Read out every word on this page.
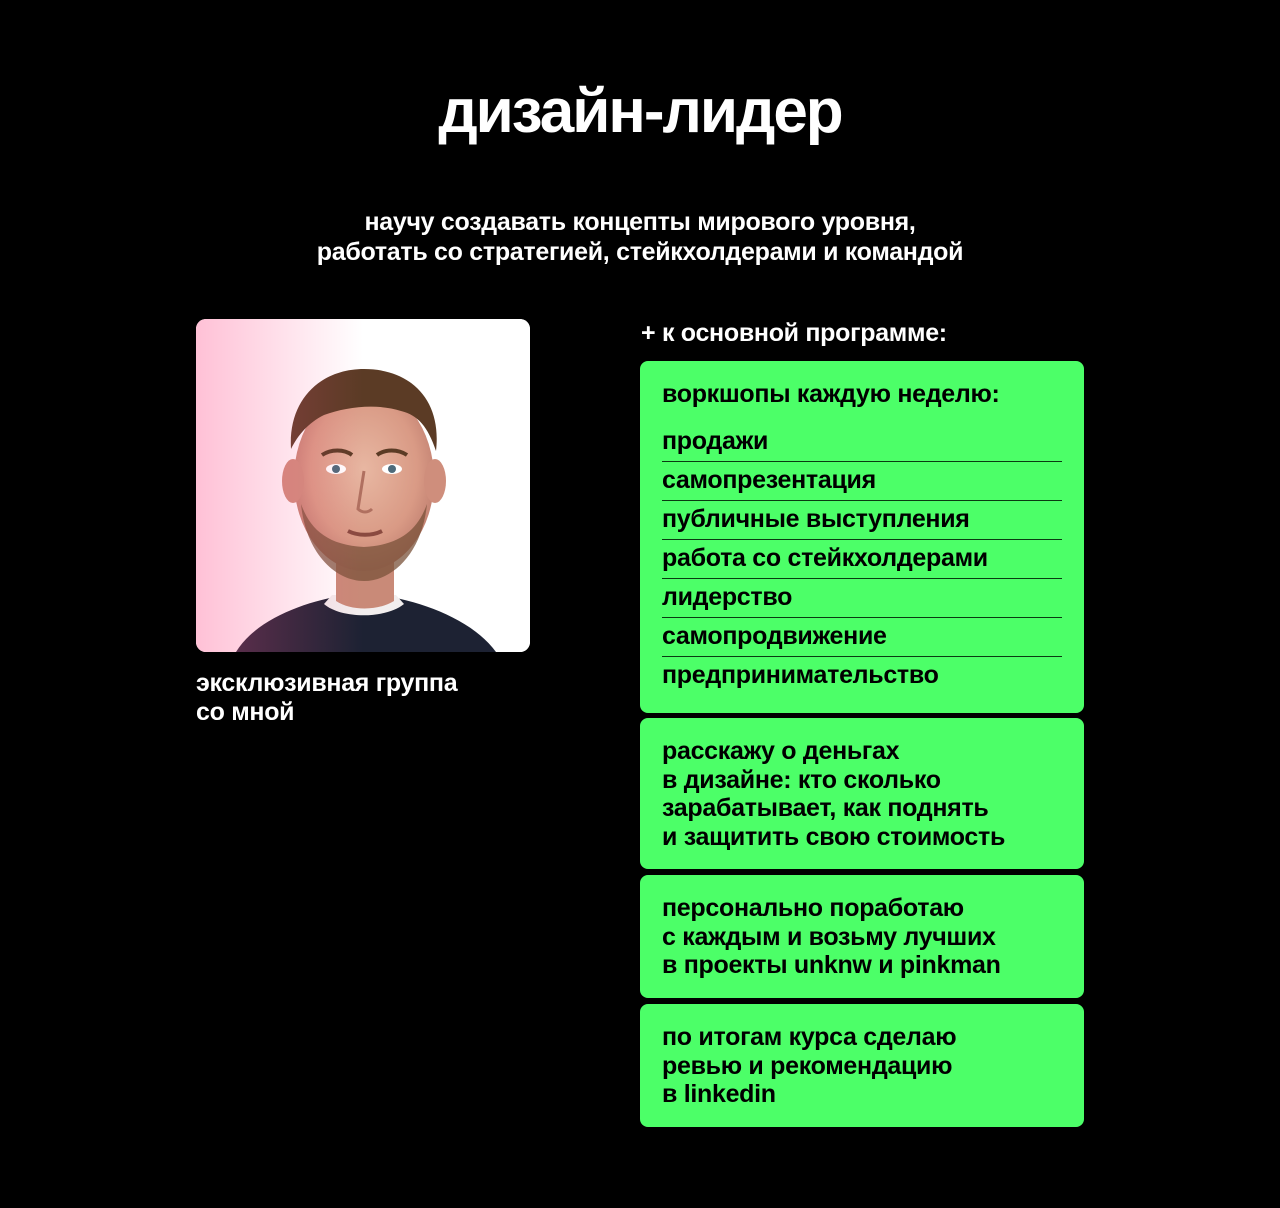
дизайн-лидер
научу создавать концепты мирового уровня,
работать со стратегией, стейкхолдерами и командой
эксклюзивная группа
со мной
+ к основной программе:
воркшопы каждую неделю:
продажи
самопрезентация
публичные выступления
работа со стейкхолдерами
лидерство
самопродвижение
предпринимательство
расскажу о деньгах
в дизайне: кто сколько
зарабатывает, как поднять
и защитить свою стоимость
персонально поработаю
с каждым и возьму лучших
в проекты unknw и pinkman
по итогам курса сделаю
ревью и рекомендацию
в linkedin
